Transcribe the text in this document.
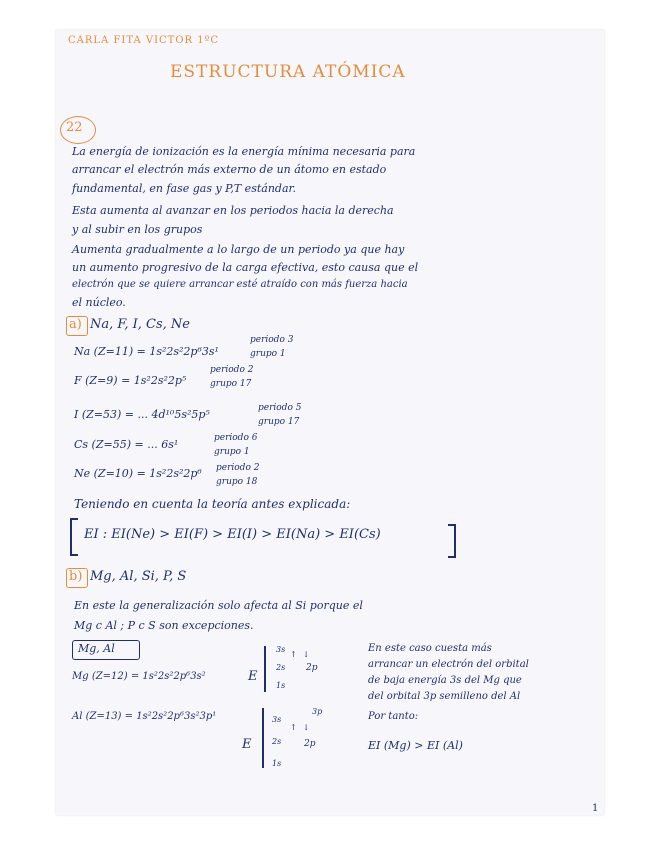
CARLA FITA VICTOR 1ºC
ESTRUCTURA ATÓMICA
22
La energía de ionización es la energía mínima necesaria para
arrancar el electrón más externo de un átomo en estado
fundamental, en fase gas y P,T estándar.
Esta aumenta al avanzar en los periodos hacia la derecha
y al subir en los grupos
Aumenta gradualmente a lo largo de un periodo ya que hay
un aumento progresivo de la carga efectiva, esto causa que el
electrón que se quiere arrancar esté atraído con más fuerza hacia
el núcleo.
a) Na, F, I, Cs, Ne
Na (Z=11) = 1s²2s²2p⁶3s¹
periodo 3
grupo 1
F (Z=9) = 1s²2s²2p⁵
periodo 2
grupo 17
I (Z=53) = ... 4d¹⁰5s²5p⁵	periodo 5
grupo 17
Cs (Z=55) = ... 6s¹	periodo 6
grupo 1
Ne (Z=10) = 1s²2s²2p⁶ periodo 2
grupo 18
Teniendo en cuenta la teoría antes explicada:
EI : EI(Ne) > EI(F) > EI(I) > EI(Na) > EI(Cs)
b) Mg, Al, Si, P, S
En este la generalización solo afecta al Si porque el
Mg c Al ; P c S son excepciones.
Mg, Al
Mg (Z=12) = 1s²2s²2p⁶3s²
Al (Z=13) = 1s²2s²2p⁶3s²3p¹
E
3s
2s
1s
↑↓
2p
E
3s
2s
1s
3p
↑↓
2p
En este caso cuesta más
arrancar un electrón del orbital
de baja energía 3s del Mg que
del orbital 3p semilleno del Al
Por tanto:
EI (Mg) > EI (Al)
1
